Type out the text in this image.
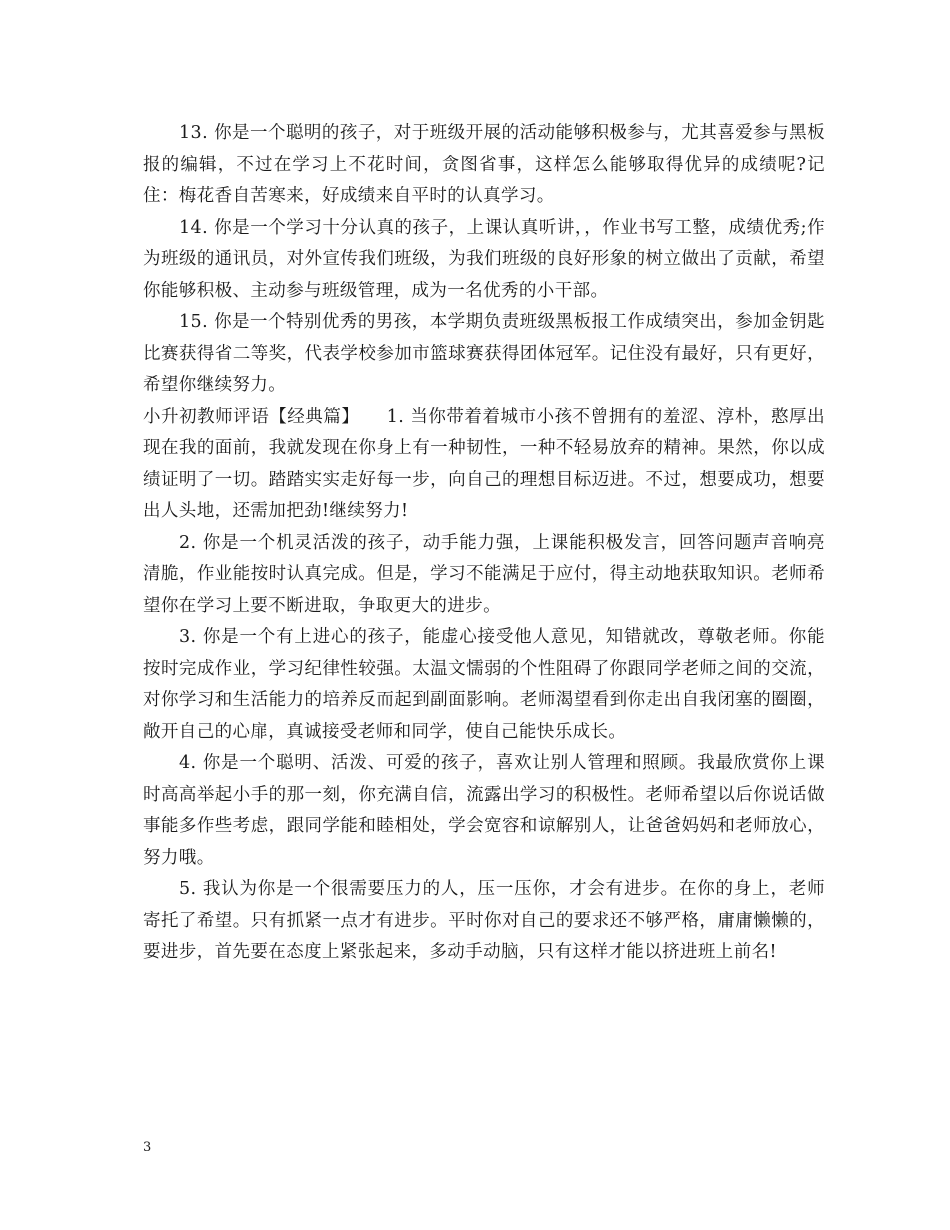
13. 你是一个聪明的孩子，对于班级开展的活动能够积极参与，尤其喜爱参与黑板报的编辑，不过在学习上不花时间，贪图省事，这样怎么能够取得优异的成绩呢?记住：梅花香自苦寒来，好成绩来自平时的认真学习。

14. 你是一个学习十分认真的孩子，上课认真听讲，，作业书写工整，成绩优秀;作为班级的通讯员，对外宣传我们班级，为我们班级的良好形象的树立做出了贡献，希望你能够积极、主动参与班级管理，成为一名优秀的小干部。

15. 你是一个特别优秀的男孩，本学期负责班级黑板报工作成绩突出，参加金钥匙比赛获得省二等奖，代表学校参加市篮球赛获得团体冠军。记住没有最好，只有更好，希望你继续努力。

小升初教师评语【经典篇】　　1. 当你带着着城市小孩不曾拥有的羞涩、淳朴，憨厚出现在我的面前，我就发现在你身上有一种韧性，一种不轻易放弃的精神。果然，你以成绩证明了一切。踏踏实实走好每一步，向自己的理想目标迈进。不过，想要成功，想要出人头地，还需加把劲!继续努力!

2. 你是一个机灵活泼的孩子，动手能力强，上课能积极发言，回答问题声音响亮清脆，作业能按时认真完成。但是，学习不能满足于应付，得主动地获取知识。老师希望你在学习上要不断进取，争取更大的进步。

3. 你是一个有上进心的孩子，能虚心接受他人意见，知错就改，尊敬老师。你能按时完成作业，学习纪律性较强。太温文懦弱的个性阻碍了你跟同学老师之间的交流，对你学习和生活能力的培养反而起到副面影响。老师渴望看到你走出自我闭塞的圈圈，敞开自己的心扉，真诚接受老师和同学，使自己能快乐成长。

4. 你是一个聪明、活泼、可爱的孩子，喜欢让别人管理和照顾。我最欣赏你上课时高高举起小手的那一刻，你充满自信，流露出学习的积极性。老师希望以后你说话做事能多作些考虑，跟同学能和睦相处，学会宽容和谅解别人，让爸爸妈妈和老师放心，努力哦。

5. 我认为你是一个很需要压力的人，压一压你，才会有进步。在你的身上，老师寄托了希望。只有抓紧一点才有进步。平时你对自己的要求还不够严格，庸庸懒懒的，要进步，首先要在态度上紧张起来，多动手动脑，只有这样才能以挤进班上前名!

3
